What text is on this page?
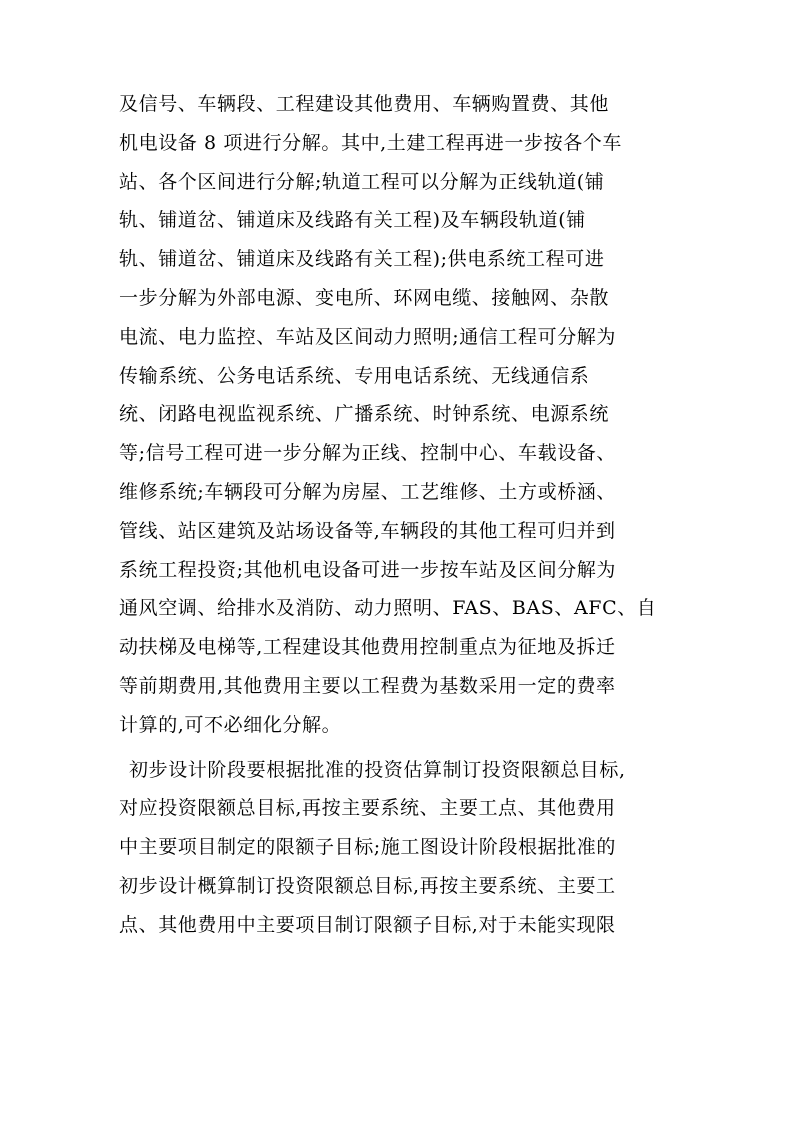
及信号、车辆段、工程建设其他费用、车辆购置费、其他
机电设备 8 项进行分解。其中,土建工程再进一步按各个车
站、各个区间进行分解;轨道工程可以分解为正线轨道(铺
轨、铺道岔、铺道床及线路有关工程)及车辆段轨道(铺
轨、铺道岔、铺道床及线路有关工程);供电系统工程可进
一步分解为外部电源、变电所、环网电缆、接触网、杂散
电流、电力监控、车站及区间动力照明;通信工程可分解为
传输系统、公务电话系统、专用电话系统、无线通信系
统、闭路电视监视系统、广播系统、时钟系统、电源系统
等;信号工程可进一步分解为正线、控制中心、车载设备、
维修系统;车辆段可分解为房屋、工艺维修、土方或桥涵、
管线、站区建筑及站场设备等,车辆段的其他工程可归并到
系统工程投资;其他机电设备可进一步按车站及区间分解为
通风空调、给排水及消防、动力照明、FAS、BAS、AFC、自
动扶梯及电梯等,工程建设其他费用控制重点为征地及拆迁
等前期费用,其他费用主要以工程费为基数采用一定的费率
计算的,可不必细化分解。
初步设计阶段要根据批准的投资估算制订投资限额总目标,
对应投资限额总目标,再按主要系统、主要工点、其他费用
中主要项目制定的限额子目标;施工图设计阶段根据批准的
初步设计概算制订投资限额总目标,再按主要系统、主要工
点、其他费用中主要项目制订限额子目标,对于未能实现限
